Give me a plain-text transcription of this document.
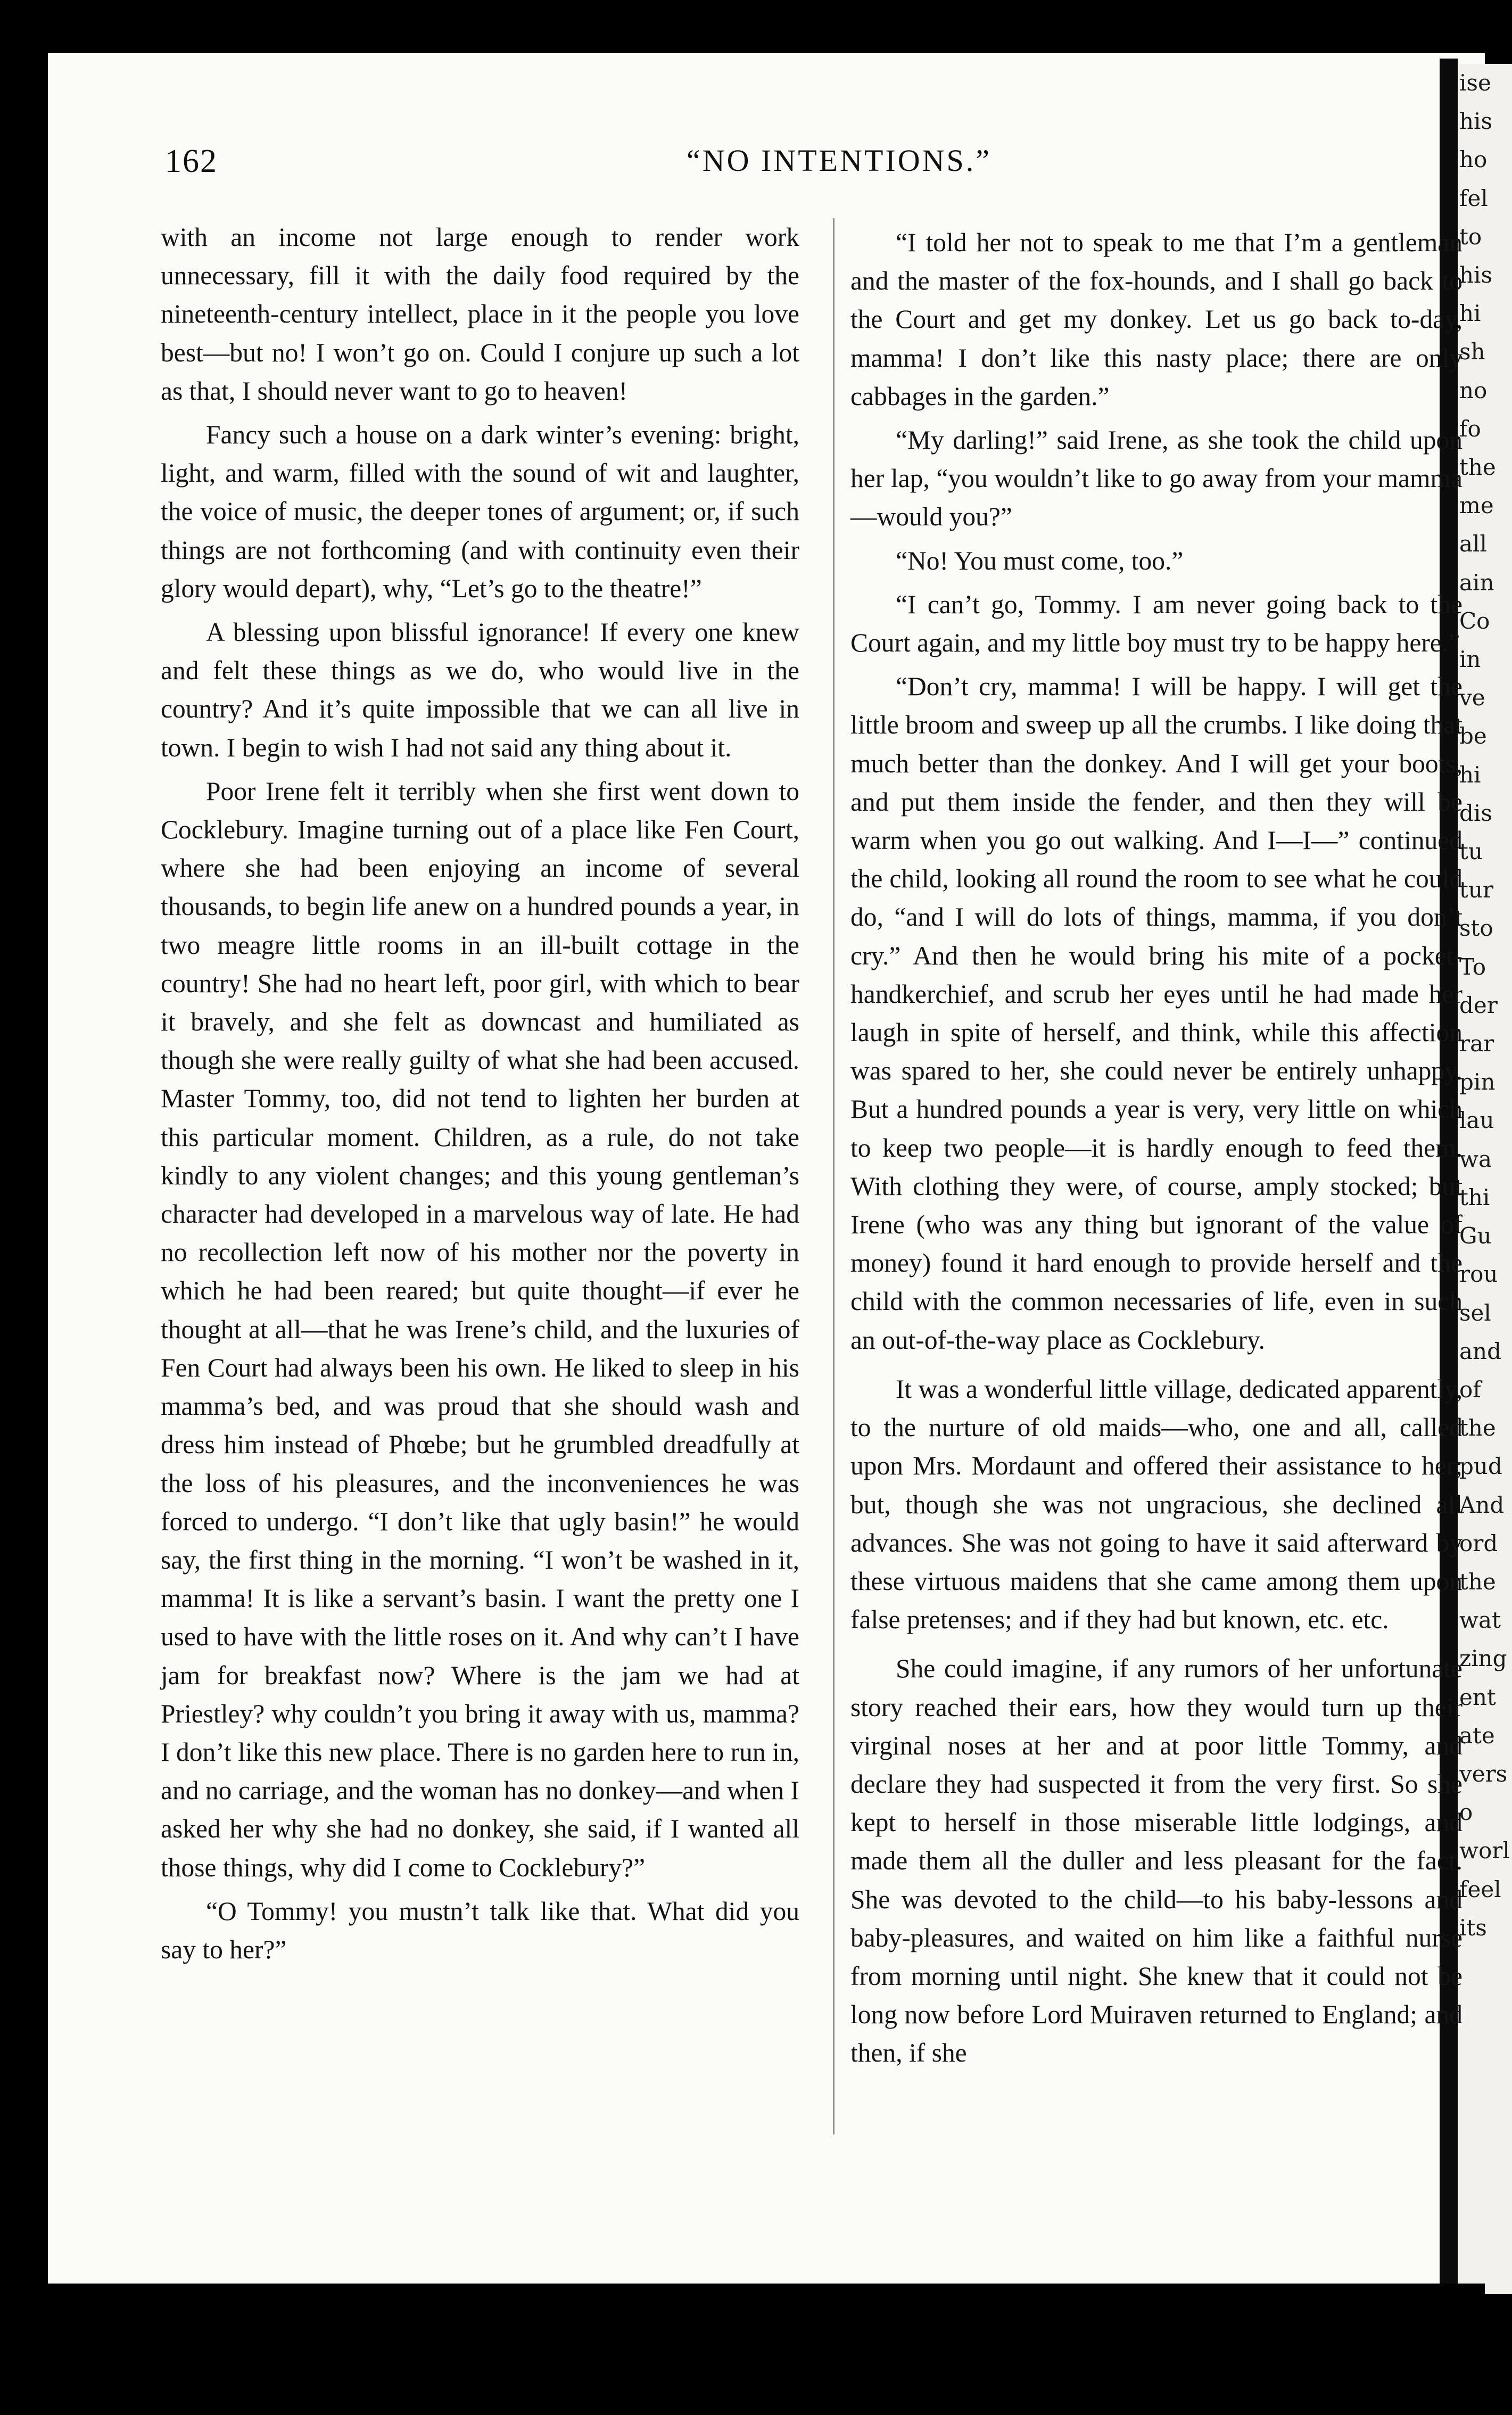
ise
his
ho
fel
to
his
hi
sh
no
fo
the
me
all
ain
Co
in
ve
be
hi
dis
tu
tur
sto
To
der
rar
pin
lau
wa
thi
Gu
rou
sel
and
of
the
pud
And
ord
the
wat
zing
ent
ate
vers
o
worl
feel
its
162	“NO INTENTIONS.”

with an income not large enough to render work unnecessary, fill it with the daily food required by the nineteenth-century intellect, place in it the people you love best—but no! I won’t go on. Could I conjure up such a lot as that, I should never want to go to heaven!

Fancy such a house on a dark winter’s evening: bright, light, and warm, filled with the sound of wit and laughter, the voice of music, the deeper tones of argument; or, if such things are not forthcoming (and with continuity even their glory would depart), why, “Let’s go to the theatre!”

A blessing upon blissful ignorance! If every one knew and felt these things as we do, who would live in the country? And it’s quite impossible that we can all live in town. I begin to wish I had not said any thing about it.

Poor Irene felt it terribly when she first went down to Cocklebury. Imagine turning out of a place like Fen Court, where she had been enjoying an income of several thousands, to begin life anew on a hundred pounds a year, in two meagre little rooms in an ill-built cottage in the country! She had no heart left, poor girl, with which to bear it bravely, and she felt as downcast and humiliated as though she were really guilty of what she had been accused. Master Tommy, too, did not tend to lighten her burden at this particular moment. Children, as a rule, do not take kindly to any violent changes; and this young gentleman’s character had developed in a marvelous way of late. He had no recollection left now of his mother nor the poverty in which he had been reared; but quite thought—if ever he thought at all—that he was Irene’s child, and the luxuries of Fen Court had always been his own. He liked to sleep in his mamma’s bed, and was proud that she should wash and dress him instead of Phœbe; but he grumbled dreadfully at the loss of his pleasures, and the inconveniences he was forced to undergo. “I don’t like that ugly basin!” he would say, the first thing in the morning. “I won’t be washed in it, mamma! It is like a servant’s basin. I want the pretty one I used to have with the little roses on it. And why can’t I have jam for breakfast now? Where is the jam we had at Priestley? why couldn’t you bring it away with us, mamma? I don’t like this new place. There is no garden here to run in, and no carriage, and the woman has no donkey—and when I asked her why she had no donkey, she said, if I wanted all those things, why did I come to Cocklebury?”

“O Tommy! you mustn’t talk like that. What did you say to her?”

“I told her not to speak to me that I’m a gentleman and the master of the fox-hounds, and I shall go back to the Court and get my donkey. Let us go back to-day, mamma! I don’t like this nasty place; there are only cabbages in the garden.”

“My darling!” said Irene, as she took the child upon her lap, “you wouldn’t like to go away from your mamma—would you?”

“No! You must come, too.”

“I can’t go, Tommy. I am never going back to the Court again, and my little boy must try to be happy here.”

“Don’t cry, mamma! I will be happy. I will get the little broom and sweep up all the crumbs. I like doing that much better than the donkey. And I will get your boots, and put them inside the fender, and then they will be warm when you go out walking. And I—I—” continued the child, looking all round the room to see what he could do, “and I will do lots of things, mamma, if you don’t cry.” And then he would bring his mite of a pocket-handkerchief, and scrub her eyes until he had made her laugh in spite of herself, and think, while this affection was spared to her, she could never be entirely unhappy. But a hundred pounds a year is very, very little on which to keep two people—it is hardly enough to feed them. With clothing they were, of course, amply stocked; but Irene (who was any thing but ignorant of the value of money) found it hard enough to provide herself and the child with the common necessaries of life, even in such an out-of-the-way place as Cocklebury.

It was a wonderful little village, dedicated apparently, to the nurture of old maids—who, one and all, called upon Mrs. Mordaunt and offered their assistance to her; but, though she was not ungracious, she declined all advances. She was not going to have it said afterward by these virtuous maidens that she came among them upon false pretenses; and if they had but known, etc. etc.

She could imagine, if any rumors of her unfortunate story reached their ears, how they would turn up their virginal noses at her and at poor little Tommy, and declare they had suspected it from the very first. So she kept to herself in those miserable little lodgings, and made them all the duller and less pleasant for the fact. She was devoted to the child—to his baby-lessons and baby-pleasures, and waited on him like a faithful nurse from morning until night. She knew that it could not be long now before Lord Muiraven returned to England; and then, if she
